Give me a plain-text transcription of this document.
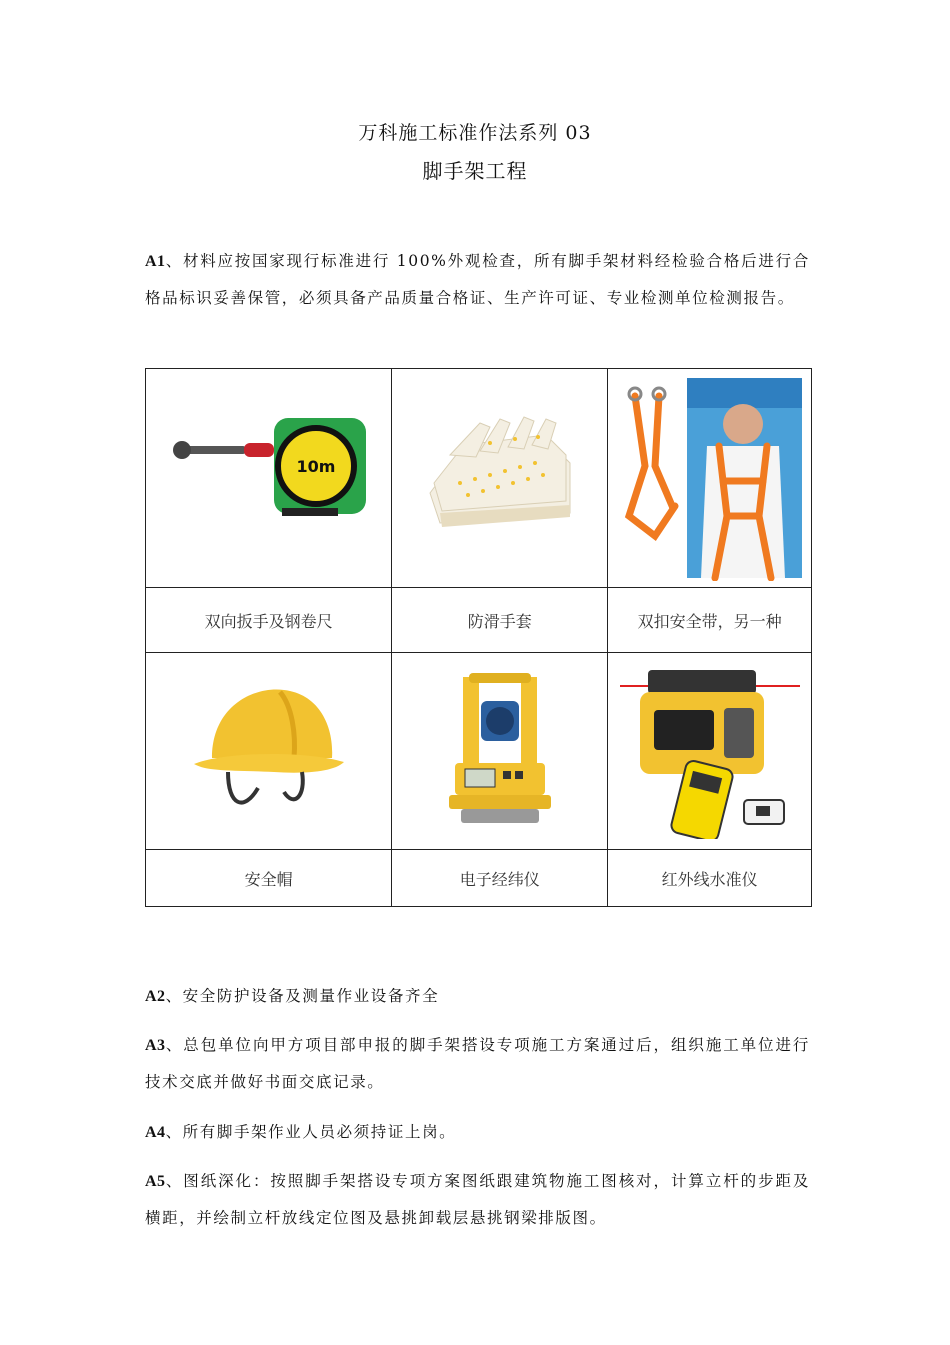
万科施工标准作法系列 03
脚手架工程
A1、材料应按国家现行标准进行 100%外观检查，所有脚手架材料经检验合格后进行合格品标识妥善保管，必须具备产品质量合格证、生产许可证、专业检测单位检测报告。
10m

双向扳手及钢卷尺	防滑手套	双扣安全带，另一种

安全帽	电子经纬仪	红外线水准仪
A2、安全防护设备及测量作业设备齐全
A3、总包单位向甲方项目部申报的脚手架搭设专项施工方案通过后，组织施工单位进行技术交底并做好书面交底记录。
A4、所有脚手架作业人员必须持证上岗。
A5、图纸深化：按照脚手架搭设专项方案图纸跟建筑物施工图核对，计算立杆的步距及横距，并绘制立杆放线定位图及悬挑卸载层悬挑钢梁排版图。
